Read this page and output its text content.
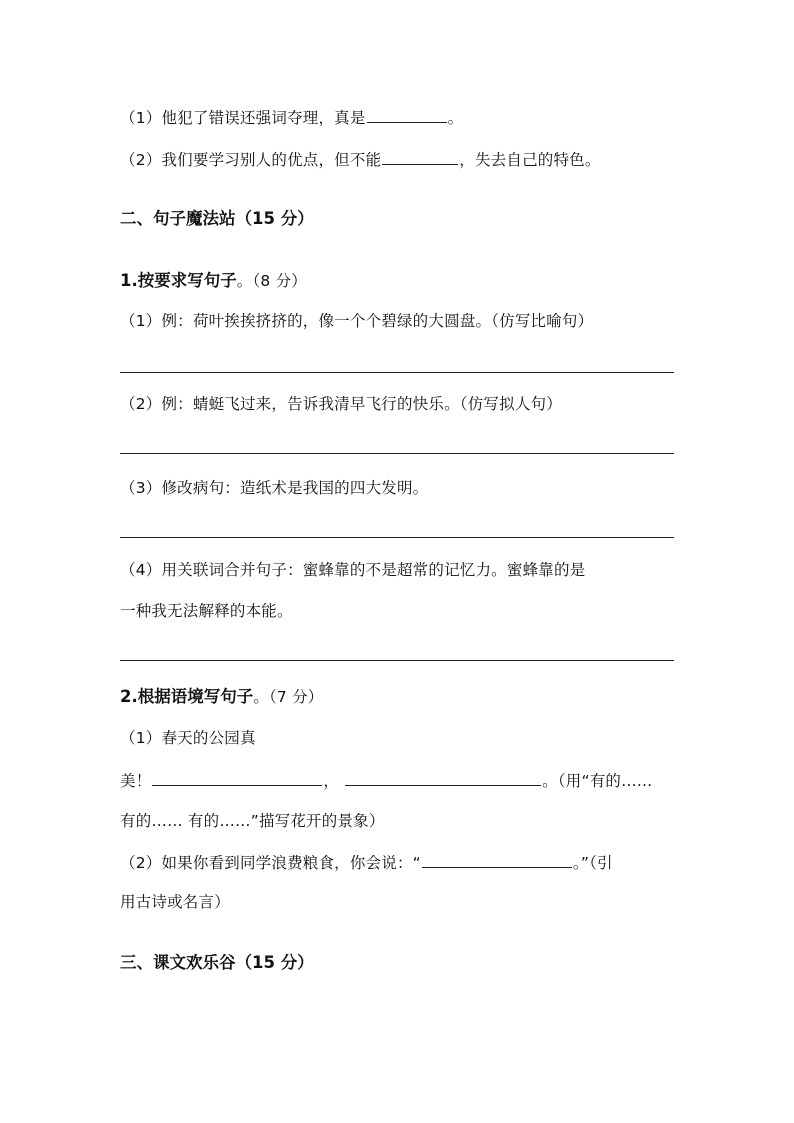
（1）他犯了错误还强词夺理，真是	。
（2）我们要学习别人的优点，但不能	，失去自己的特色。
二、句子魔法站（15 分）
1.按要求写句子。（8 分）
（1）例：荷叶挨挨挤挤的，像一个个碧绿的大圆盘。（仿写比喻句）
（2）例：蜻蜓飞过来，告诉我清早飞行的快乐。（仿写拟人句）
（3）修改病句：造纸术是我国的四大发明。
（4）用关联词合并句子：蜜蜂靠的不是超常的记忆力。蜜蜂靠的是
一种我无法解释的本能。
2.根据语境写句子。（7 分）
（1）春天的公园真
美！	，	。（用“有的……
有的…… 有的……”描写花开的景象）
（2）如果你看到同学浪费粮食，你会说：“	。”（引
用古诗或名言）
三、课文欢乐谷（15 分）
